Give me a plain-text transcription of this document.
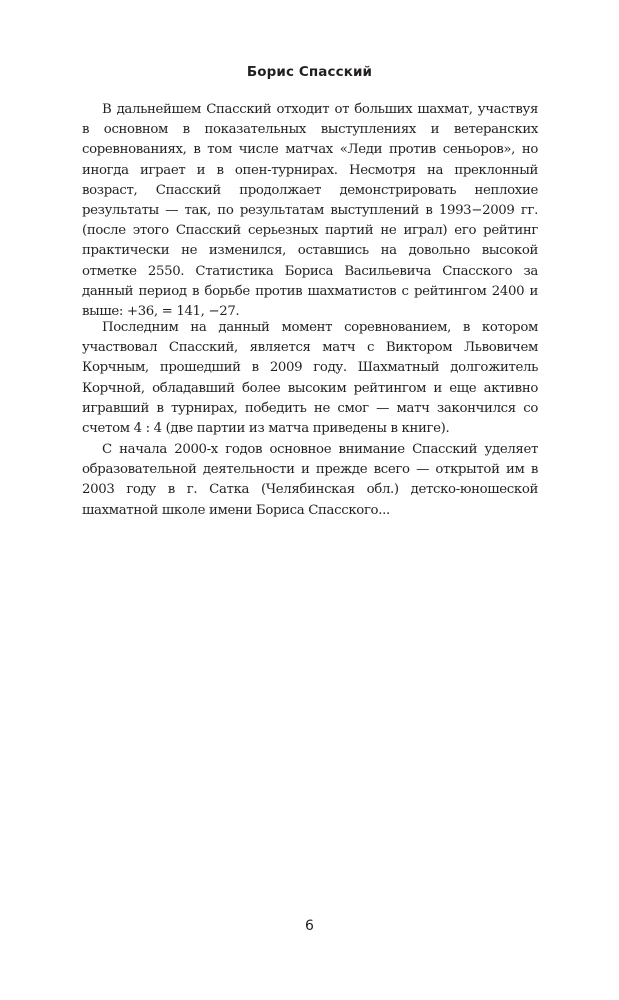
Борис Спасский

В дальнейшем Спасский отходит от больших шахмат, участвуя в основном в показательных выступлениях и ветеранских соревнованиях, в том числе матчах «Леди против сеньоров», но иногда играет и в опен-турнирах. Несмотря на преклонный возраст, Спасский продолжает демонстрировать неплохие результаты — так, по результатам выступлений в 1993−2009 гг. (после этого Спасский серьезных партий не играл) его рейтинг практически не изменился, оставшись на довольно высокой отметке 2550. Статистика Бориса Васильевича Спасского за данный период в борьбе против шахматистов с рейтингом 2400 и выше: +36, = 141, −27.

Последним на данный момент соревнованием, в котором участвовал Спасский, является матч с Виктором Львовичем Корчным, прошедший в 2009 году. Шахматный долгожитель Корчной, обладавший более высоким рейтингом и еще активно игравший в турнирах, победить не смог — матч закончился со счетом 4 : 4 (две партии из матча приведены в книге).

С начала 2000-х годов основное внимание Спасский уделяет образовательной деятельности и прежде всего — открытой им в 2003 году в г. Сатка (Челябинская обл.) детско-юношеской шахматной школе имени Бориса Спасского...

6
